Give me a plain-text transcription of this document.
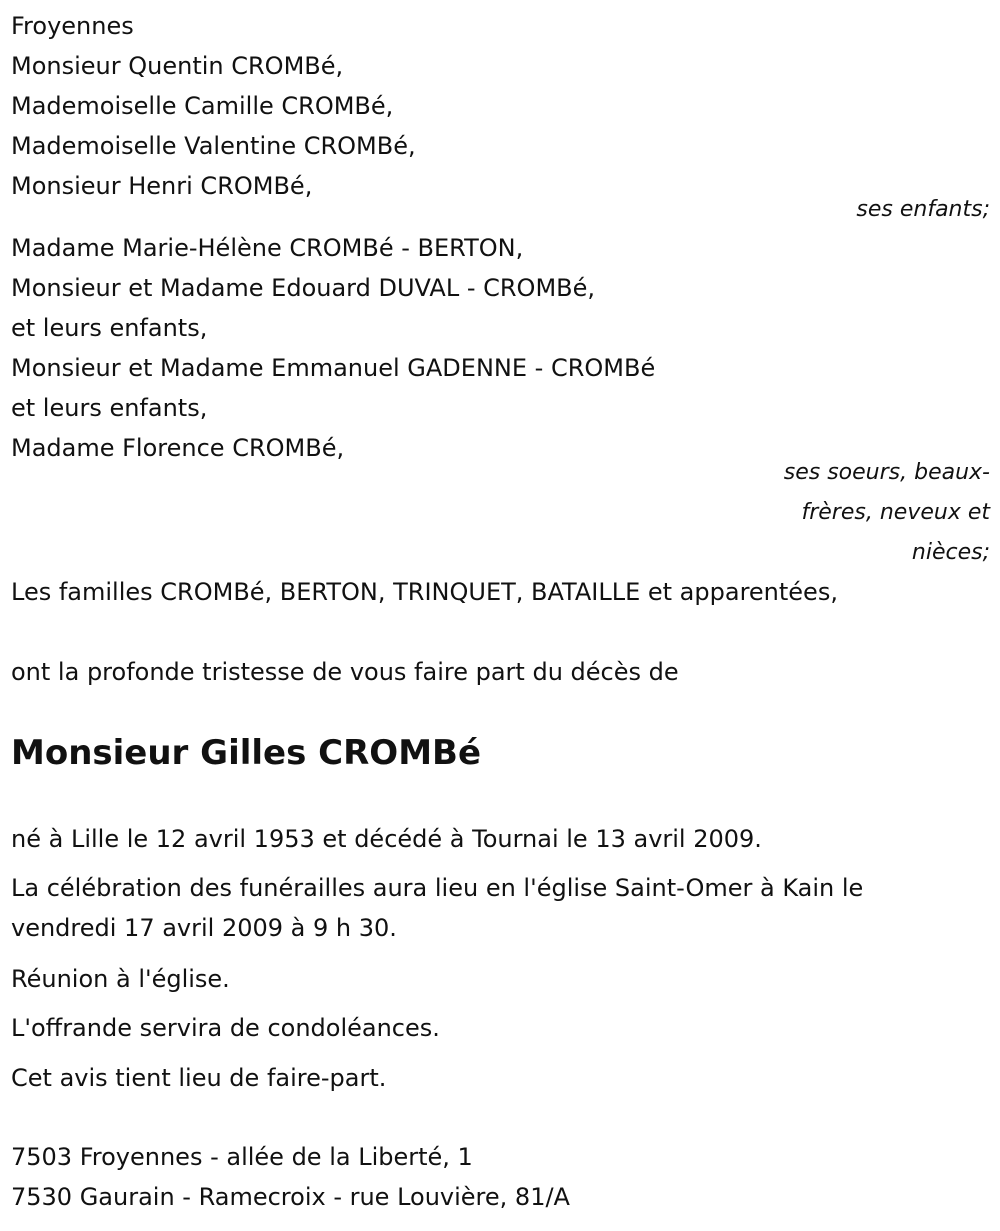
Froyennes
Monsieur Quentin CROMBé,
Mademoiselle Camille CROMBé,
Mademoiselle Valentine CROMBé,
Monsieur Henri CROMBé,
ses enfants;
Madame Marie-Hélène CROMBé - BERTON,
Monsieur et Madame Edouard DUVAL - CROMBé,
et leurs enfants,
Monsieur et Madame Emmanuel GADENNE - CROMBé
et leurs enfants,
Madame Florence CROMBé,
ses soeurs, beaux-
frères, neveux et
nièces;
Les familles CROMBé, BERTON, TRINQUET, BATAILLE et apparentées,
ont la profonde tristesse de vous faire part du décès de
Monsieur Gilles CROMBé
né à Lille le 12 avril 1953 et décédé à Tournai le 13 avril 2009.
La célébration des funérailles aura lieu en l'église Saint-Omer à Kain le
vendredi 17 avril 2009 à 9 h 30.
Réunion à l'église.
L'offrande servira de condoléances.
Cet avis tient lieu de faire-part.
7503 Froyennes - allée de la Liberté, 1
7530 Gaurain - Ramecroix - rue Louvière, 81/A
